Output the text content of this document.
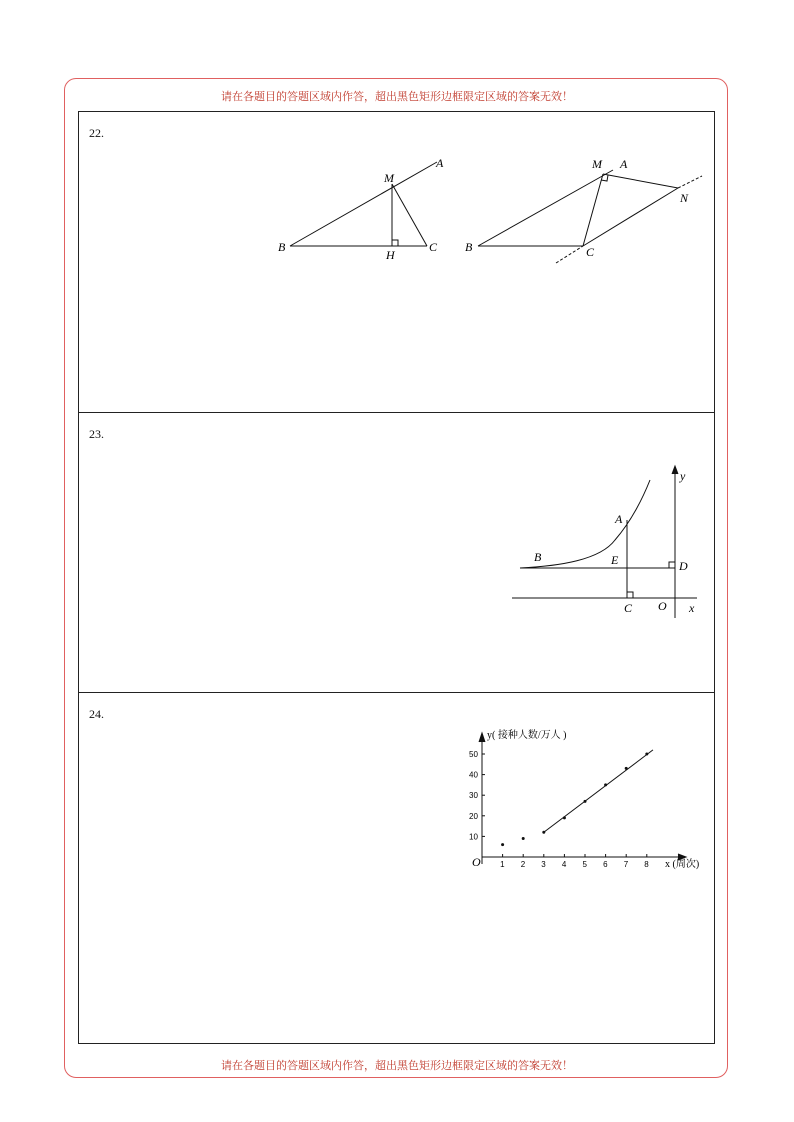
请在各题目的答题区域内作答，超出黑色矩形边框限定区域的答案无效！
请在各题目的答题区域内作答，超出黑色矩形边框限定区域的答案无效！
22.
A
M
B
H
C
M A
N
B	C
23.
y
A
B	E	D
C O x
24.
1 2 3 4 5 6 7 8
10
20
30
40
50
y( 接种人数/万人 )
x (周次)
O
